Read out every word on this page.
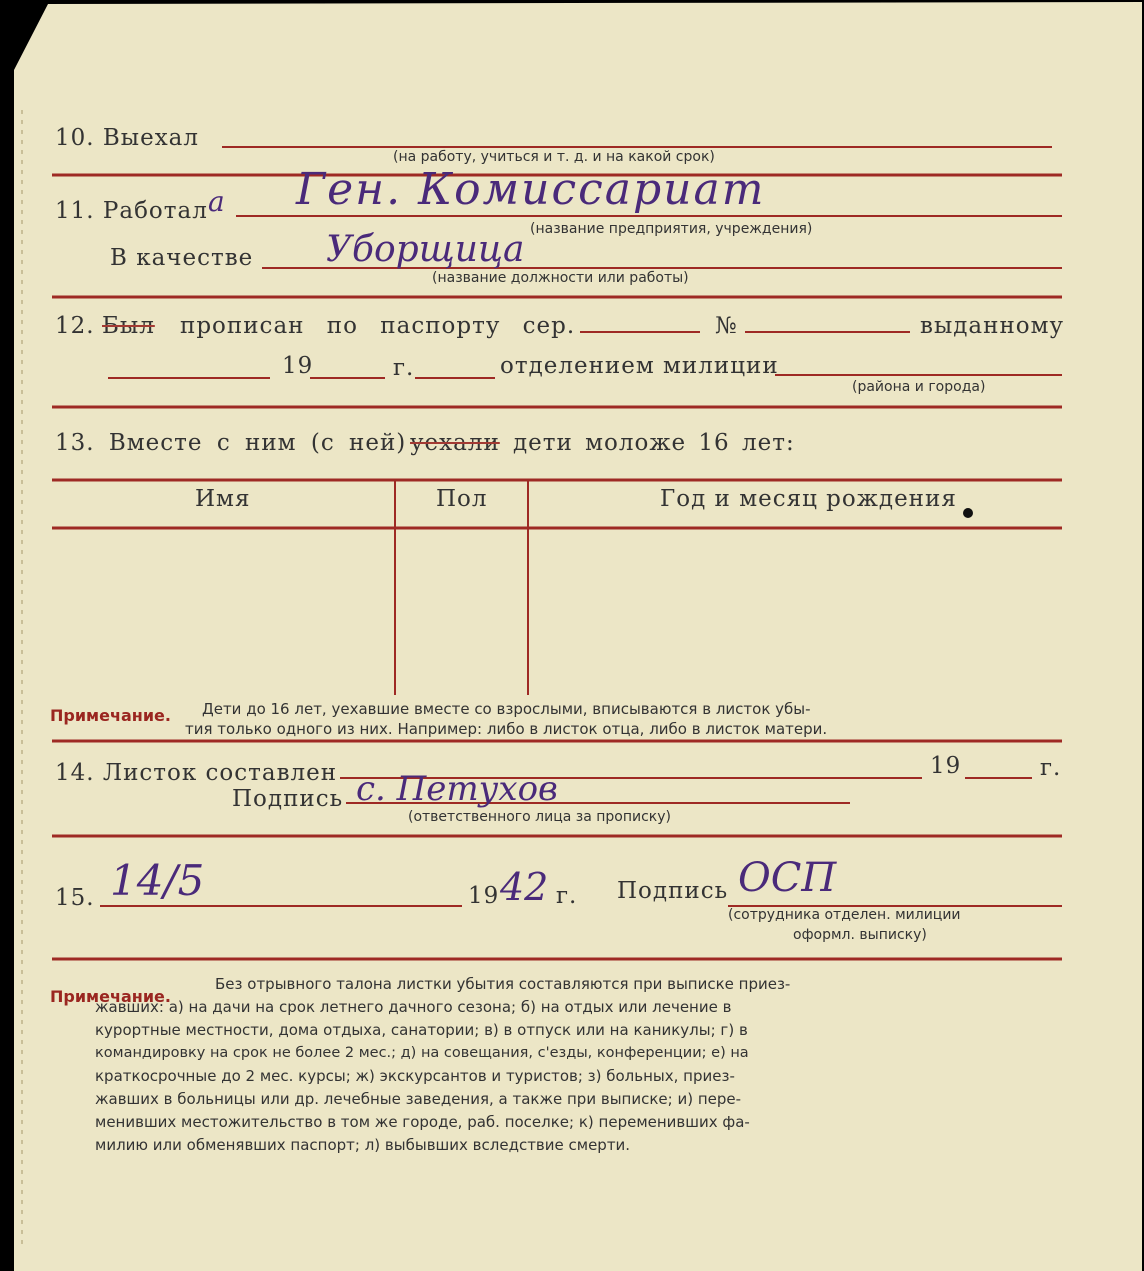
10. Выехал
(на работу, учиться и т. д. и на какой срок)
11. Работал а Ген. Комиссариат
(название предприятия, учреждения)
В качестве Уборщица
(название должности или работы)
12. Был прописан по паспорту сер.	№	выданному
19	г.	отделением милиции
(района и города)
13. Вместе с ним (с ней) уехали дети моложе 16 лет:
Имя	Пол	Год и месяц рождения
Примечание. Дети до 16 лет, уехавшие вместе со взрослыми, вписываются в листок убы-
тия только одного из них. Например: либо в листок отца, либо в листок матери.
14. Листок составлен	19	г.
Подпись с. Петухов
(ответственного лица за прописку)
15. 14/5	19 42 г. Подпись ОСП
(сотрудника отделен. милиции
оформл. выписку)
Примечание.
Без отрывного талона листки убытия составляются при выписке приез-
жавших: а) на дачи на срок летнего дачного сезона; б) на отдых или лечение в
курортные местности, дома отдыха, санатории; в) в отпуск или на каникулы; г) в
командировку на срок не более 2 мес.; д) на совещания, с'езды, конференции; е) на
краткосрочные до 2 мес. курсы; ж) экскурсантов и туристов; з) больных, приез-
жавших в больницы или др. лечебные заведения, а также при выписке; и) пере-
менивших местожительство в том же городе, раб. поселке; к) переменивших фа-
милию или обменявших паспорт; л) выбывших вследствие смерти.
